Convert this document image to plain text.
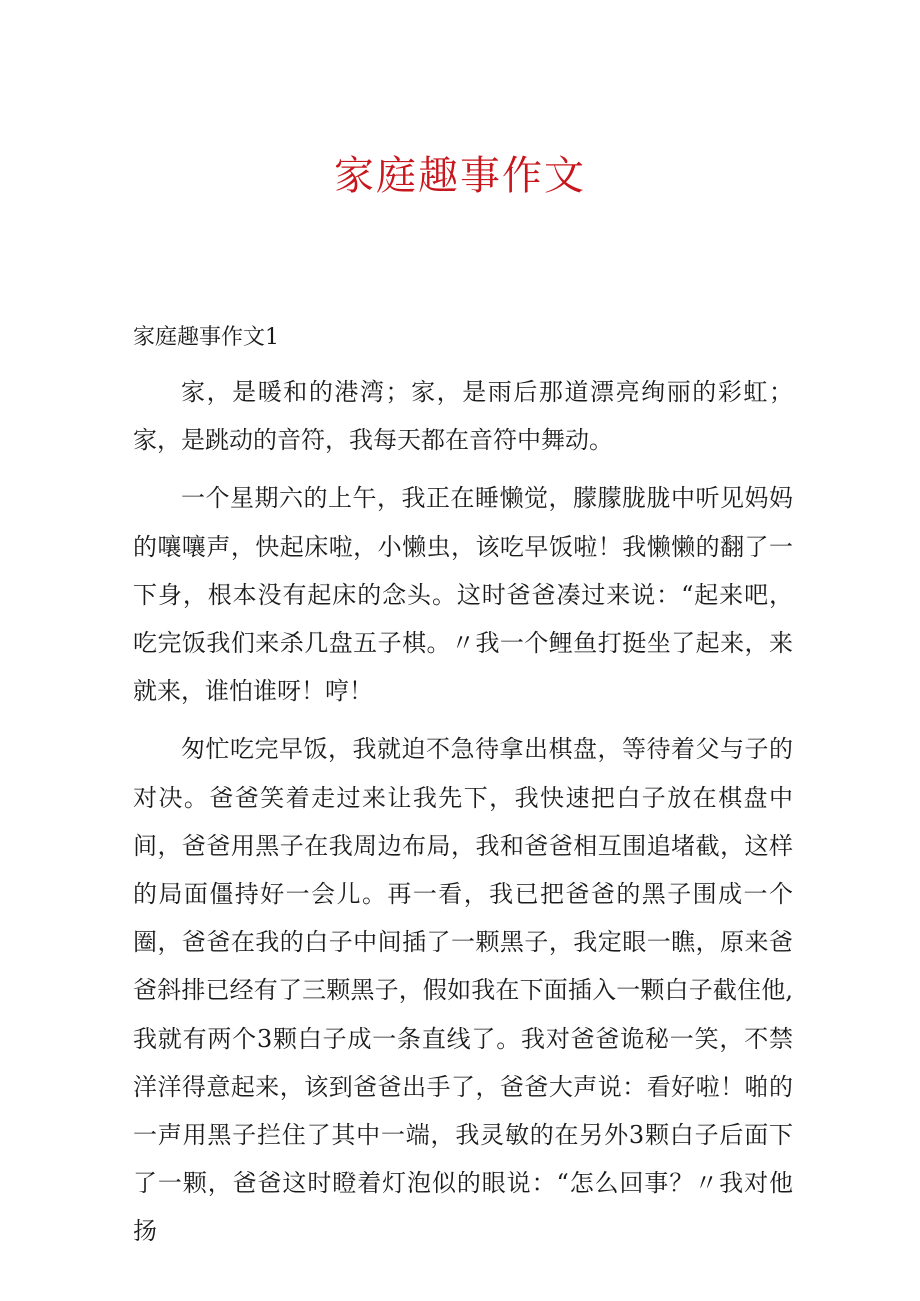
家庭趣事作文

家庭趣事作文1

家，是暖和的港湾；家，是雨后那道漂亮绚丽的彩虹；家，是跳动的音符，我每天都在音符中舞动。

一个星期六的上午，我正在睡懒觉，朦朦胧胧中听见妈妈的嚷嚷声，快起床啦，小懒虫，该吃早饭啦！我懒懒的翻了一下身，根本没有起床的念头。这时爸爸凑过来说：“起来吧，吃完饭我们来杀几盘五子棋。〃我一个鲤鱼打挺坐了起来，来就来，谁怕谁呀！哼！

匆忙吃完早饭，我就迫不急待拿出棋盘，等待着父与子的对决。爸爸笑着走过来让我先下，我快速把白子放在棋盘中间，爸爸用黑子在我周边布局，我和爸爸相互围追堵截，这样的局面僵持好一会儿。再一看，我已把爸爸的黑子围成一个圈，爸爸在我的白子中间插了一颗黑子，我定眼一瞧，原来爸爸斜排已经有了三颗黑子，假如我在下面插入一颗白子截住他,我就有两个3颗白子成一条直线了。我对爸爸诡秘一笑，不禁洋洋得意起来，该到爸爸出手了，爸爸大声说：看好啦！啪的一声用黑子拦住了其中一端，我灵敏的在另外3颗白子后面下了一颗，爸爸这时瞪着灯泡似的眼说：“怎么回事？〃我对他扬
